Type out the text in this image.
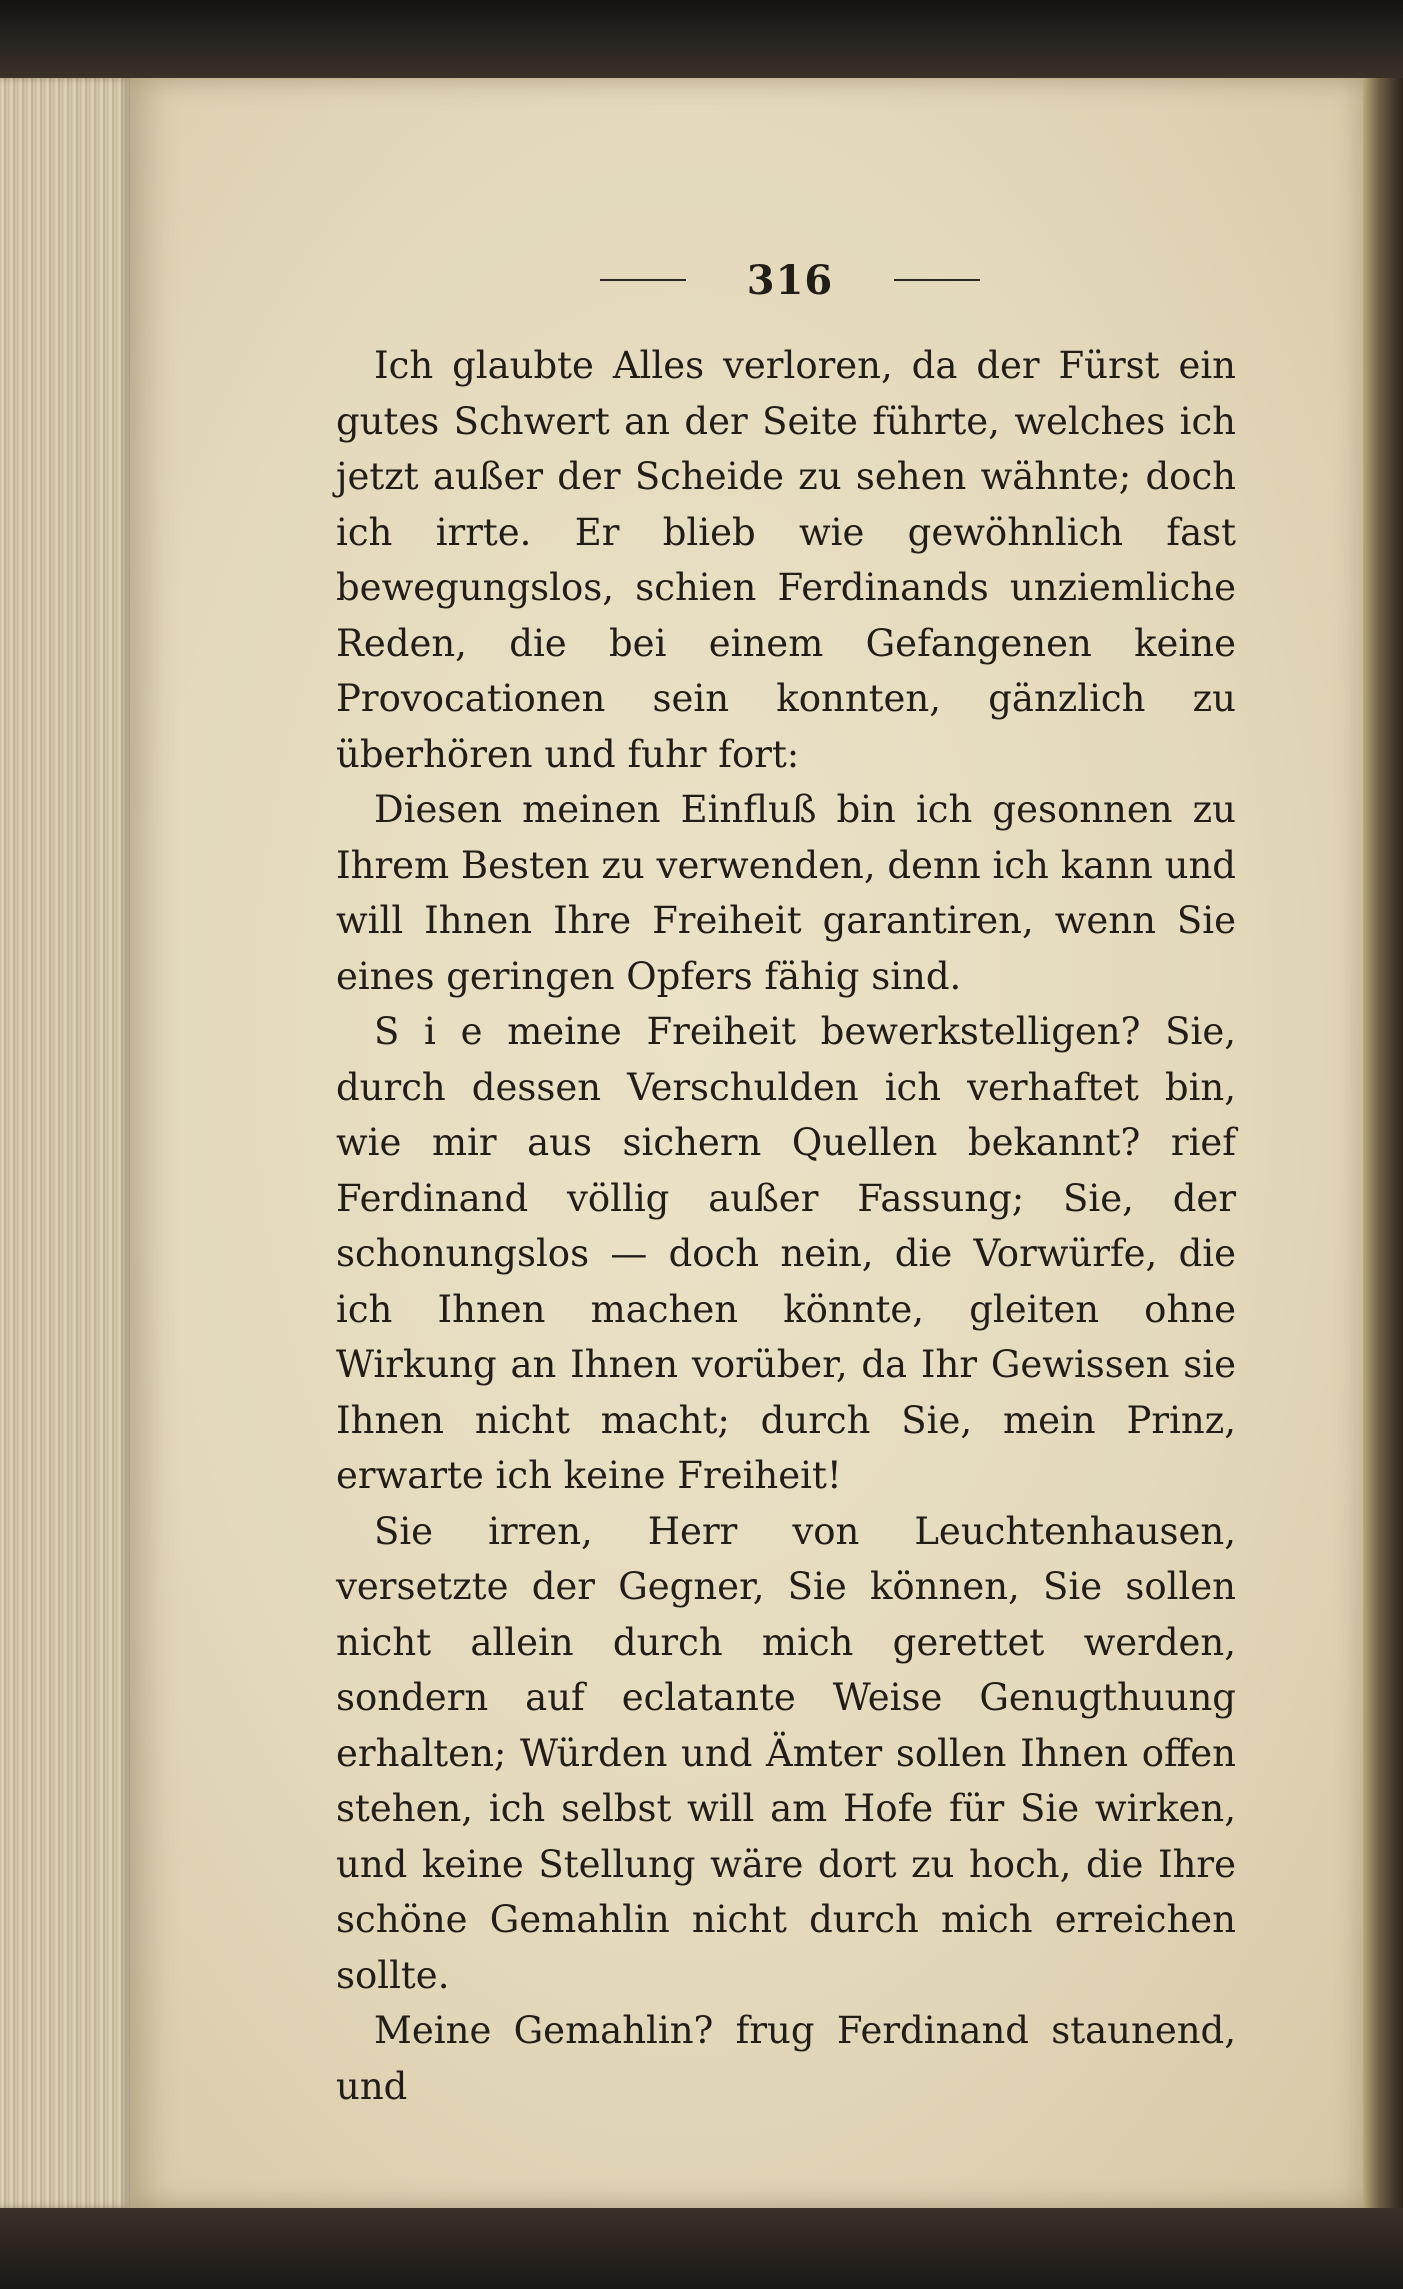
316

Ich glaubte Alles verloren, da der Fürst ein gutes Schwert an der Seite führte, welches ich jetzt außer der Scheide zu sehen wähnte; doch ich irrte. Er blieb wie gewöhnlich fast bewegungslos, schien Ferdinands unziemliche Reden, die bei einem Gefangenen keine Provocationen sein konnten, gänzlich zu überhören und fuhr fort:

Diesen meinen Einfluß bin ich gesonnen zu Ihrem Besten zu verwenden, denn ich kann und will Ihnen Ihre Freiheit garantiren, wenn Sie eines geringen Opfers fähig sind.

S i e meine Freiheit bewerkstelligen? Sie, durch dessen Verschulden ich verhaftet bin, wie mir aus sichern Quellen bekannt? rief Ferdinand völlig außer Fassung; Sie, der schonungslos — doch nein, die Vorwürfe, die ich Ihnen machen könnte, gleiten ohne Wirkung an Ihnen vorüber, da Ihr Gewissen sie Ihnen nicht macht; durch Sie, mein Prinz, erwarte ich keine Freiheit!

Sie irren, Herr von Leuchtenhausen, versetzte der Gegner, Sie können, Sie sollen nicht allein durch mich gerettet werden, sondern auf eclatante Weise Genugthuung erhalten; Würden und Ämter sollen Ihnen offen stehen, ich selbst will am Hofe für Sie wirken, und keine Stellung wäre dort zu hoch, die Ihre schöne Gemahlin nicht durch mich erreichen sollte.

Meine Gemahlin? frug Ferdinand staunend, und
